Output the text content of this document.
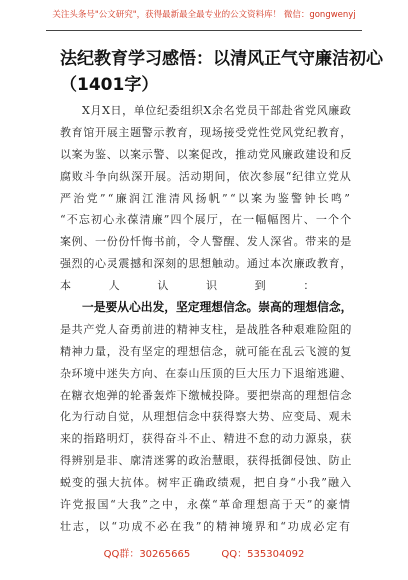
关注头条号"公文研究"，获得最新最全最专业的公文资料库！ 微信：gongwenyj
法纪教育学习感悟：以清风正气守廉洁初心
（1401字）
X月X日，单位纪委组织X余名党员干部赴省党风廉政
教育馆开展主题警示教育，现场接受党性党风党纪教育，
以案为鉴、以案示警、以案促改，推动党风廉政建设和反
腐败斗争向纵深开展。活动期间，依次参展“纪律立党从
严治党”“廉润江淮清风扬帆”“以案为鉴警钟长鸣”
“不忘初心永葆清廉”四个展厅，在一幅幅图片、一个个
案例、一份份忏悔书前，令人警醒、发人深省。带来的是
强烈的心灵震撼和深刻的思想触动。通过本次廉政教育，
本人认识到：
一是要从心出发，坚定理想信念。崇高的理想信念，
是共产党人奋勇前进的精神支柱，是战胜各种艰难险阻的
精神力量，没有坚定的理想信念，就可能在乱云飞渡的复
杂环境中迷失方向、在泰山压顶的巨大压力下退缩逃避、
在糖衣炮弹的轮番轰炸下缴械投降。要把崇高的理想信念
化为行动自觉，从理想信念中获得察大势、应变局、观未
来的指路明灯，获得奋斗不止、精进不怠的动力源泉，获
得辨别是非、廓清迷雾的政治慧眼，获得抵御侵蚀、防止
蜕变的强大抗体。树牢正确政绩观，把自身“小我”融入
许党报国“大我”之中，永葆“革命理想高于天”的豪情
壮志，以“功成不必在我”的精神境界和“功成必定有
QQ群：30265665	QQ：535304092
